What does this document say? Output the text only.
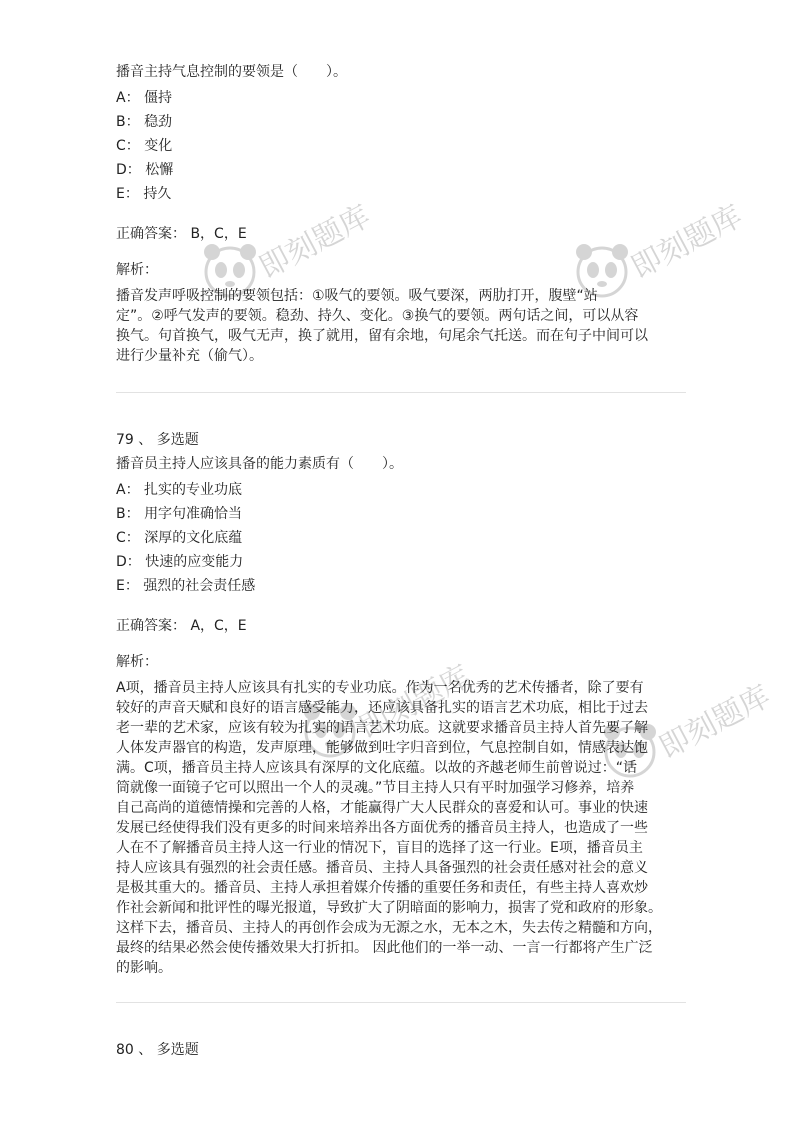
即刻题库	即刻题库
即刻题库	即刻题库
播音主持气息控制的要领是（　　）。
A： 僵持
B： 稳劲
C： 变化
D： 松懈
E： 持久
正确答案： B，C，E
解析：
播音发声呼吸控制的要领包括：①吸气的要领。吸气要深，两肋打开，腹壁“站
定”。②呼气发声的要领。稳劲、持久、变化。③换气的要领。两句话之间，可以从容
换气。句首换气，吸气无声，换了就用，留有余地，句尾余气托送。而在句子中间可以
进行少量补充（偷气）。
79 、 多选题
播音员主持人应该具备的能力素质有（　　）。
A： 扎实的专业功底
B： 用字句准确恰当
C： 深厚的文化底蕴
D： 快速的应变能力
E： 强烈的社会责任感
正确答案： A，C，E
解析：
A项，播音员主持人应该具有扎实的专业功底。作为一名优秀的艺术传播者，除了要有
较好的声音天赋和良好的语言感受能力，还应该具备扎实的语言艺术功底，相比于过去
老一辈的艺术家，应该有较为扎实的语言艺术功底。这就要求播音员主持人首先要了解
人体发声器官的构造，发声原理，能够做到吐字归音到位，气息控制自如，情感表达饱
满。C项，播音员主持人应该具有深厚的文化底蕴。以故的齐越老师生前曾说过：“话
筒就像一面镜子它可以照出一个人的灵魂。”节目主持人只有平时加强学习修养，培养
自己高尚的道德情操和完善的人格，才能赢得广大人民群众的喜爱和认可。事业的快速
发展已经使得我们没有更多的时间来培养出各方面优秀的播音员主持人，也造成了一些
人在不了解播音员主持人这一行业的情况下，盲目的选择了这一行业。E项，播音员主
持人应该具有强烈的社会责任感。播音员、主持人具备强烈的社会责任感对社会的意义
是极其重大的。播音员、主持人承担着媒介传播的重要任务和责任，有些主持人喜欢炒
作社会新闻和批评性的曝光报道，导致扩大了阴暗面的影响力，损害了党和政府的形象。
这样下去，播音员、主持人的再创作会成为无源之水，无本之木，失去传之精髓和方向，
最终的结果必然会使传播效果大打折扣。 因此他们的一举一动、一言一行都将产生广泛
的影响。
80 、 多选题
